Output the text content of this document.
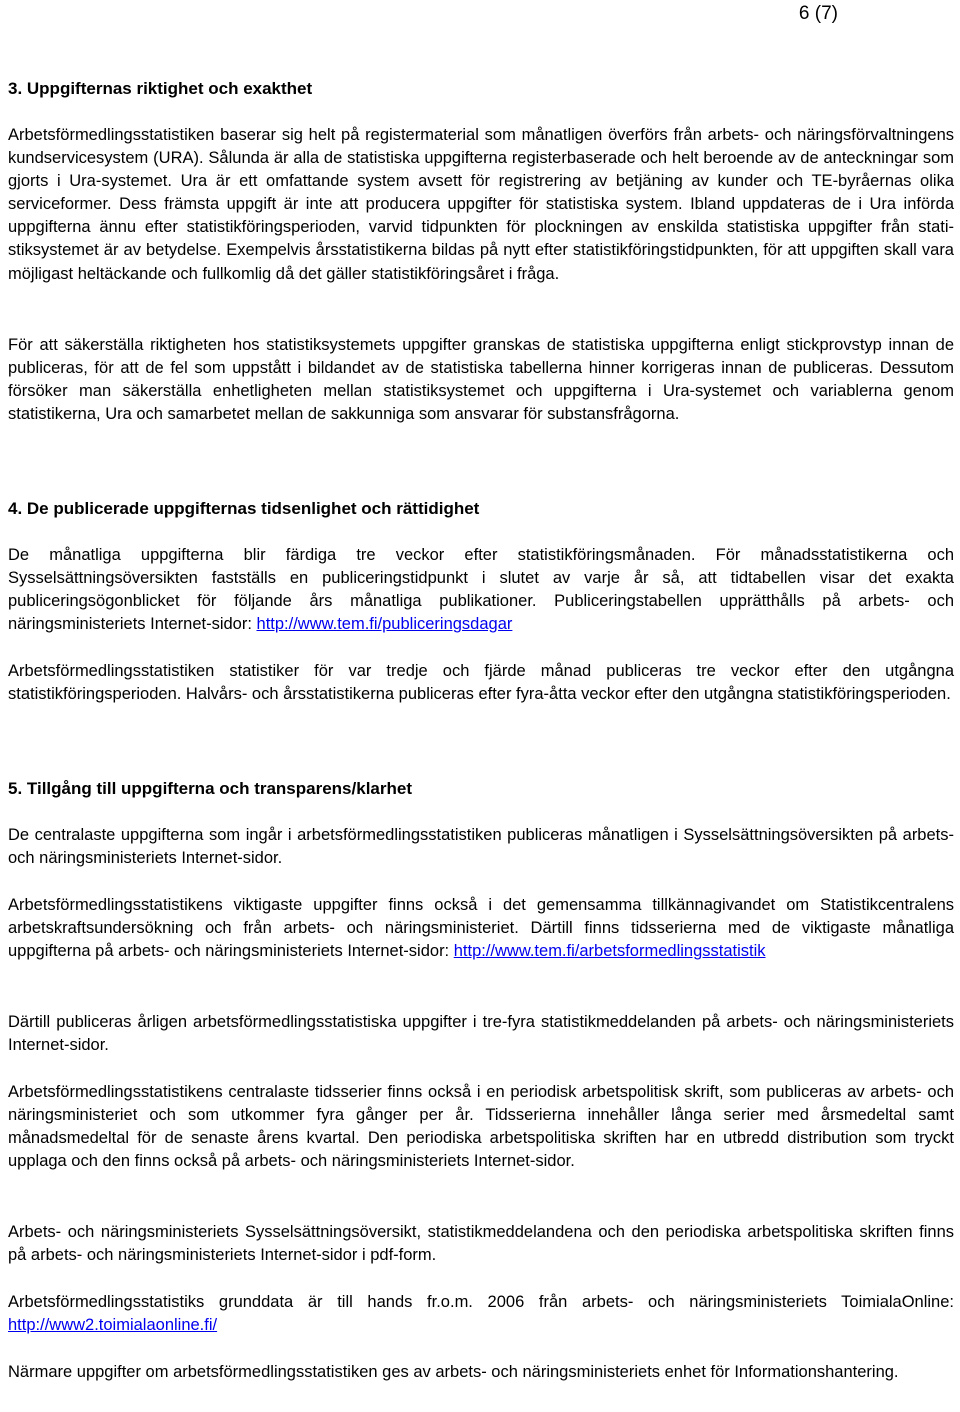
6 (7)
3. Uppgifternas riktighet och exakthet

Arbetsförmedlingsstatistiken baserar sig helt på registermaterial som månatligen överförs från arbets- och näringsförvaltningens kundservicesystem (URA). Sålunda är alla de statistiska uppgifterna registerbaserade och helt beroende av de anteckningar som gjorts i Ura-systemet. Ura är ett omfattande system avsett för registrering av betjäning av kunder och TE-byråernas olika serviceformer. Dess främsta uppgift är inte att producera uppgifter för statistiska system. Ibland uppdateras de i Ura införda uppgifterna ännu efter statistikföringsperioden, varvid tidpunkten för plockningen av enskilda statistiska uppgifter från statistiksystemet är av betydelse. Exempelvis årsstatistikerna bildas på nytt efter statistikföringstidpunkten, för att uppgiften skall vara möjligast heltäckande och fullkomlig då det gäller statistikföringsåret i fråga.

För att säkerställa riktigheten hos statistiksystemets uppgifter granskas de statistiska uppgifterna enligt stickprovstyp innan de publiceras, för att de fel som uppstått i bildandet av de statistiska tabellerna hinner korrigeras innan de publiceras. Dessutom försöker man säkerställa enhetligheten mellan statistiksystemet och uppgifterna i Ura-systemet och variablerna genom statistikerna, Ura och samarbetet mellan de sakkunniga som ansvarar för substansfrågorna.

4. De publicerade uppgifternas tidsenlighet och rättidighet

De månatliga uppgifterna blir färdiga tre veckor efter statistikföringsmånaden. För månadsstatistikerna och Sysselsättningsöversikten fastställs en publiceringstidpunkt i slutet av varje år så, att tidtabellen visar det exakta publiceringsögonblicket för följande års månatliga publikationer. Publiceringstabellen upprätthålls på arbets- och näringsministeriets Internet-sidor: http://www.tem.fi/publiceringsdagar

Arbetsförmedlingsstatistiken statistiker för var tredje och fjärde månad publiceras tre veckor efter den utgångna statistikföringsperioden. Halvårs- och årsstatistikerna publiceras efter fyra-åtta veckor efter den utgångna statistikföringsperioden.

5. Tillgång till uppgifterna och transparens/klarhet

De centralaste uppgifterna som ingår i arbetsförmedlingsstatistiken publiceras månatligen i Sysselsättningsöversikten på arbets- och näringsministeriets Internet-sidor.

Arbetsförmedlingsstatistikens viktigaste uppgifter finns också i det gemensamma tillkännagivandet om Statistikcentralens arbetskraftsundersökning och från arbets- och näringsministeriet. Därtill finns tidsserierna med de viktigaste månatliga uppgifterna på arbets- och näringsministeriets Internet-sidor: http://www.tem.fi/arbetsformedlingsstatistik

Därtill publiceras årligen arbetsförmedlingsstatistiska uppgifter i tre-fyra statistikmeddelanden på arbets- och näringsministeriets Internet-sidor.

Arbetsförmedlingsstatistikens centralaste tidsserier finns också i en periodisk arbetspolitisk skrift, som publiceras av arbets- och näringsministeriet och som utkommer fyra gånger per år. Tidsserierna innehåller långa serier med årsmedeltal samt månadsmedeltal för de senaste årens kvartal. Den periodiska arbetspolitiska skriften har en utbredd distribution som tryckt upplaga och den finns också på arbets- och näringsministeriets Internet-sidor.

Arbets- och näringsministeriets Sysselsättningsöversikt, statistikmeddelandena och den periodiska arbetspolitiska skriften finns på arbets- och näringsministeriets Internet-sidor i pdf-form.

Arbetsförmedlingsstatistiks grunddata är till hands fr.o.m. 2006 från arbets- och näringsministeriets ToimialaOnline: http://www2.toimialaonline.fi/

Närmare uppgifter om arbetsförmedlingsstatistiken ges av arbets- och näringsministeriets enhet för Informationshantering.
